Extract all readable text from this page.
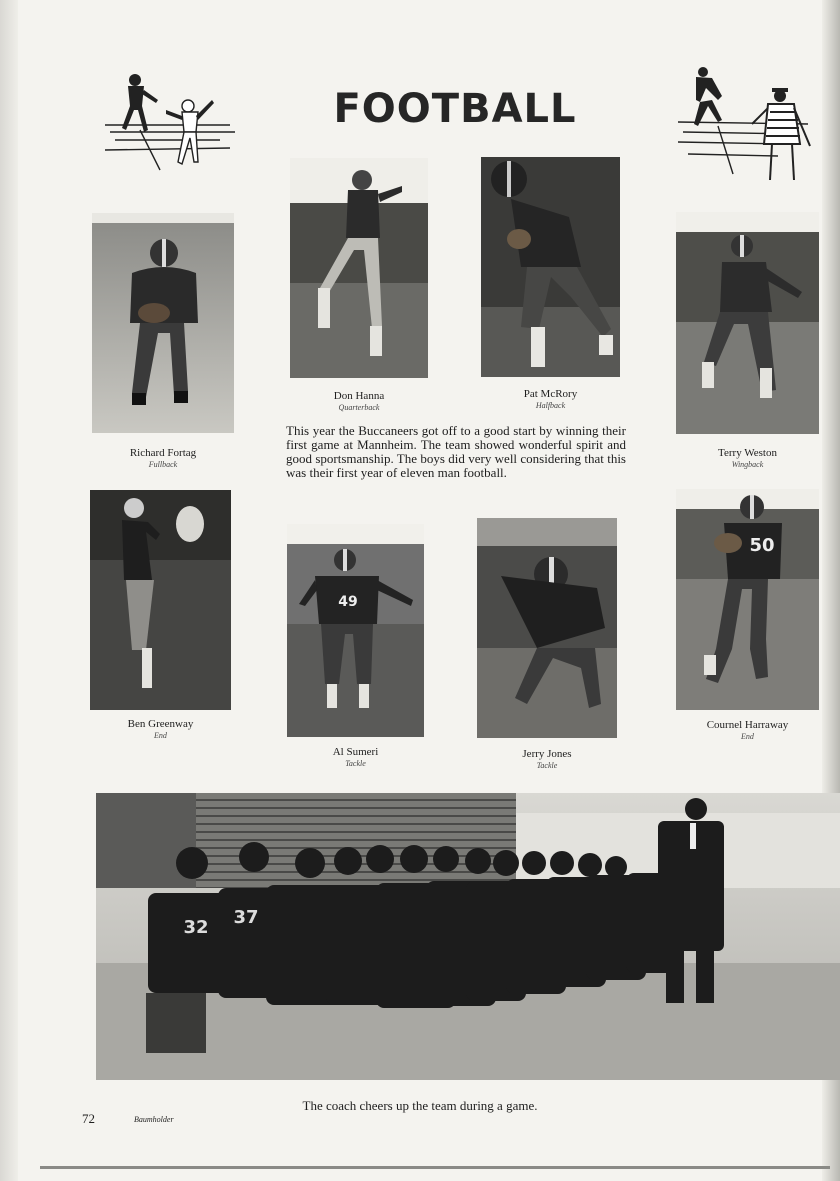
FOOTBALL
Richard Fortag
Fullback
Don Hanna
Quarterback
Pat McRory
Halfback
Terry Weston
Wingback
This year the Buccaneers got off to a good start by winning their first game at Mannheim. The team showed wonderful spirit and good sportsmanship. The boys did very well considering that this was their first year of eleven man football.
49
50
Ben Greenway
End
Al Sumeri
Tackle
Jerry Jones
Tackle
Cournel Harraway
End
32 37
The coach cheers up the team during a game.
72	Baumholder
